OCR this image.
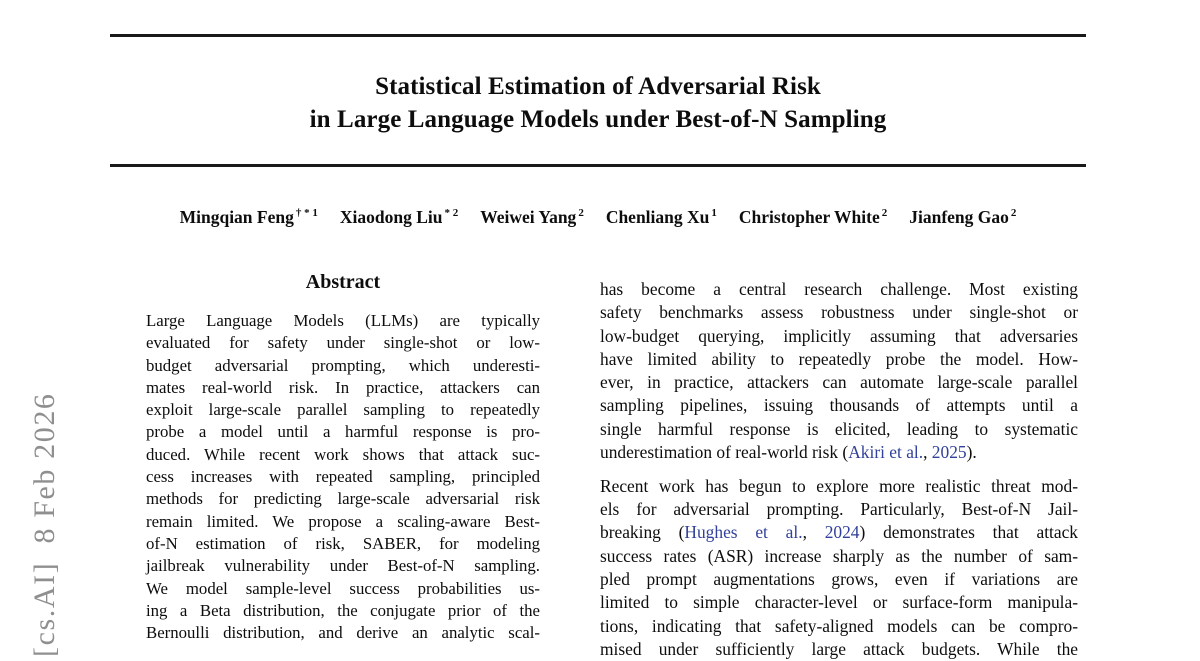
[cs.AI]  8 Feb 2026
Statistical Estimation of Adversarial Risk
in Large Language Models under Best-of-N Sampling
Mingqian Feng $^{\dagger * 1}$ Xiaodong Liu $^{* 2}$ Weiwei Yang $^2$ Chenliang Xu $^1$ Christopher White $^2$ Jianfeng Gao $^2$
Abstract
Large Language Models (LLMs) are typically
evaluated for safety under single-shot or low-
budget adversarial prompting, which underesti-
mates real-world risk. In practice, attackers can
exploit large-scale parallel sampling to repeatedly
probe a model until a harmful response is pro-
duced. While recent work shows that attack suc-
cess increases with repeated sampling, principled
methods for predicting large-scale adversarial risk
remain limited. We propose a scaling-aware Best-
of-N estimation of risk, SABER, for modeling
jailbreak vulnerability under Best-of-N sampling.
We model sample-level success probabilities us-
ing a Beta distribution, the conjugate prior of the
Bernoulli distribution, and derive an analytic scal-
has become a central research challenge. Most existing
safety benchmarks assess robustness under single-shot or
low-budget querying, implicitly assuming that adversaries
have limited ability to repeatedly probe the model. How-
ever, in practice, attackers can automate large-scale parallel
sampling pipelines, issuing thousands of attempts until a
single harmful response is elicited, leading to systematic
underestimation of real-world risk (Akiri et al., 2025).
Recent work has begun to explore more realistic threat mod-
els for adversarial prompting. Particularly, Best-of-N Jail-
breaking (Hughes et al., 2024) demonstrates that attack
success rates (ASR) increase sharply as the number of sam-
pled prompt augmentations grows, even if variations are
limited to simple character-level or surface-form manipula-
tions, indicating that safety-aligned models can be compro-
mised under sufficiently large attack budgets. While the
